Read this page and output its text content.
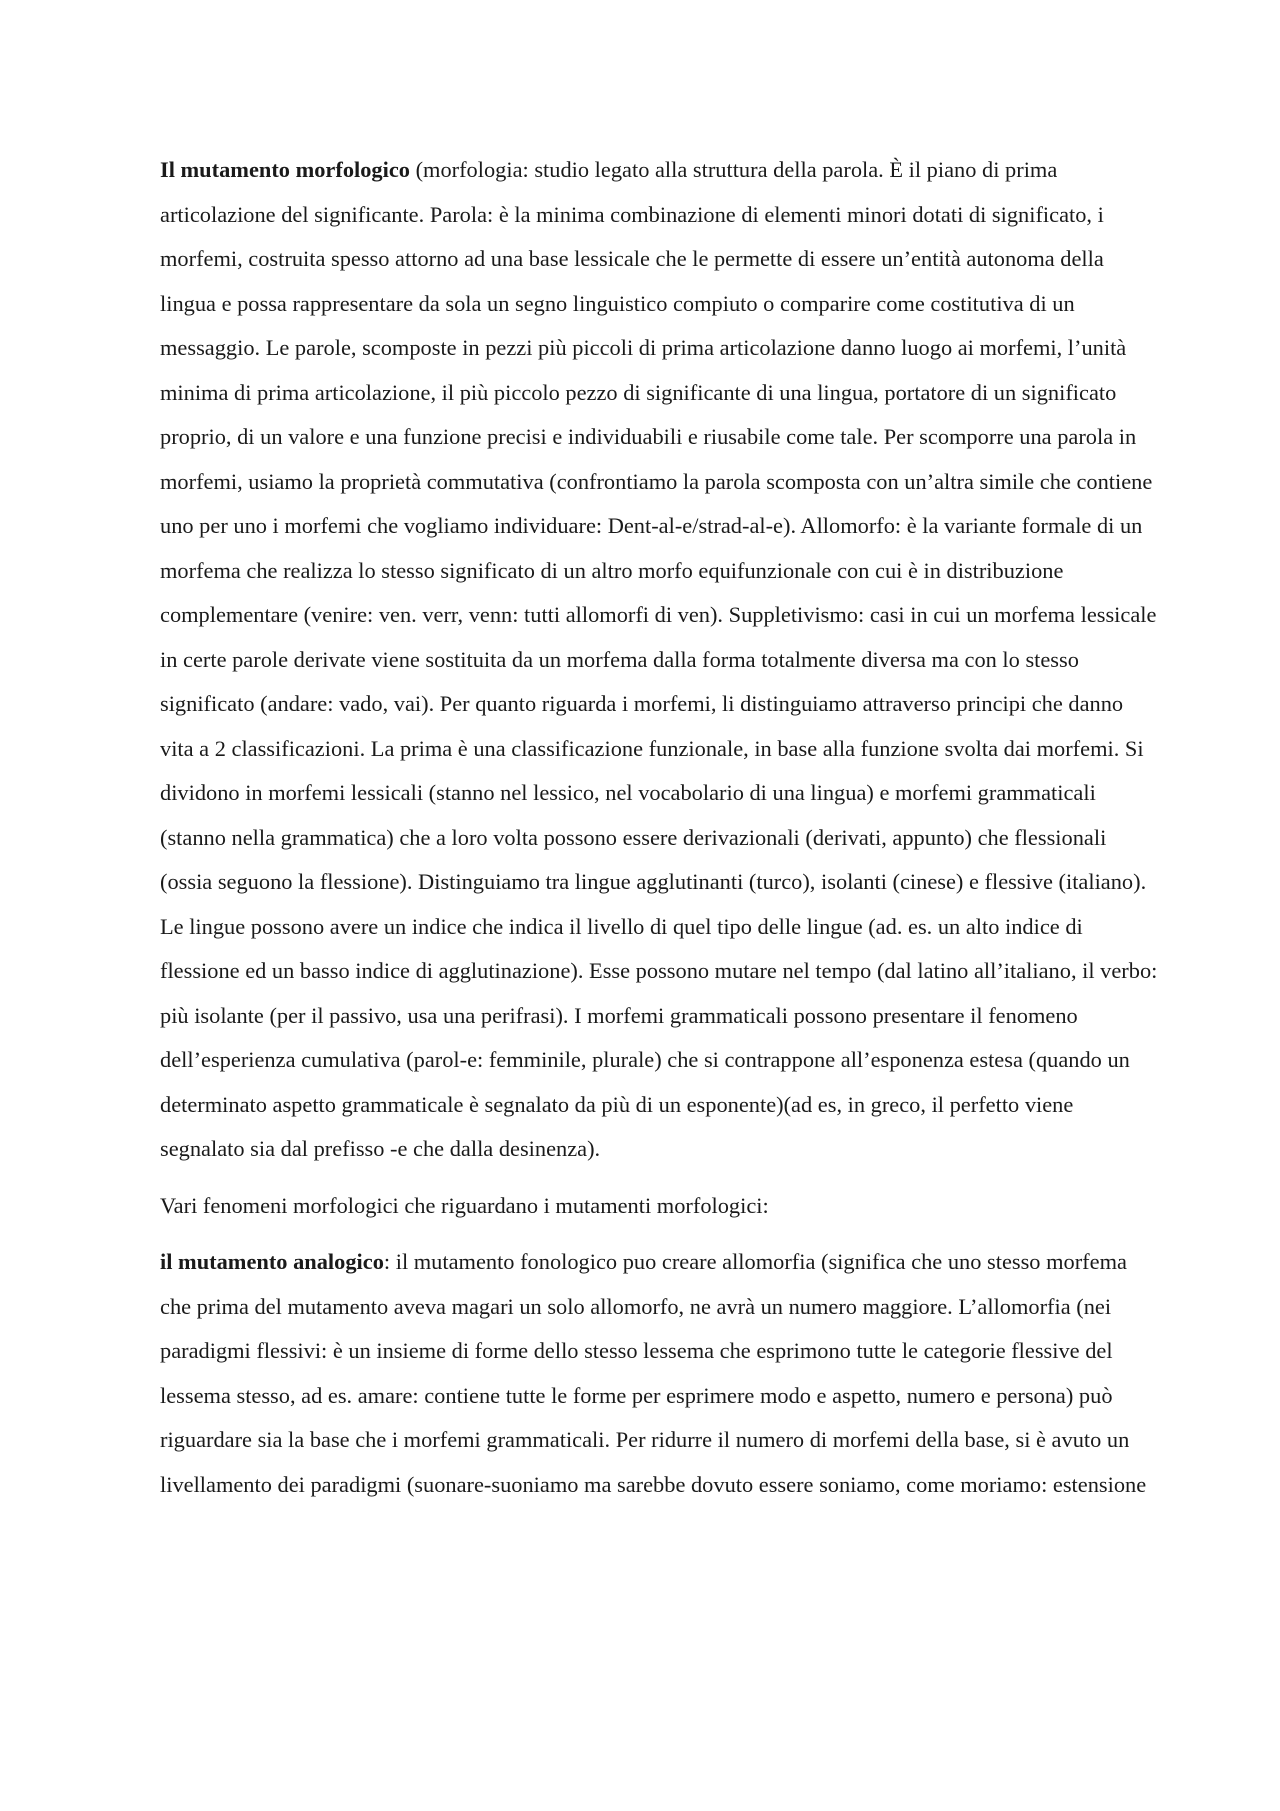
Il mutamento morfologico (morfologia: studio legato alla struttura della parola. È il piano di prima articolazione del significante. Parola: è la minima combinazione di elementi minori dotati di significato, i morfemi, costruita spesso attorno ad una base lessicale che le permette di essere un’entità autonoma della lingua e possa rappresentare da sola un segno linguistico compiuto o comparire come costitutiva di un messaggio. Le parole, scomposte in pezzi più piccoli di prima articolazione danno luogo ai morfemi, l’unità minima di prima articolazione, il più piccolo pezzo di significante di una lingua, portatore di un significato proprio, di un valore e una funzione precisi e individuabili e riusabile come tale. Per scomporre una parola in morfemi, usiamo la proprietà commutativa (confrontiamo la parola scomposta con un’altra simile che contiene uno per uno i morfemi che vogliamo individuare: Dent-al-e/strad-al-e). Allomorfo: è la variante formale di un morfema che realizza lo stesso significato di un altro morfo equifunzionale con cui è in distribuzione complementare (venire: ven. verr, venn: tutti allomorfi di ven). Suppletivismo: casi in cui un morfema lessicale in certe parole derivate viene sostituita da un morfema dalla forma totalmente diversa ma con lo stesso significato (andare: vado, vai). Per quanto riguarda i morfemi, li distinguiamo attraverso principi che danno vita a 2 classificazioni. La prima è una classificazione funzionale, in base alla funzione svolta dai morfemi. Si dividono in morfemi lessicali (stanno nel lessico, nel vocabolario di una lingua) e morfemi grammaticali (stanno nella grammatica) che a loro volta possono essere derivazionali (derivati, appunto) che flessionali (ossia seguono la flessione). Distinguiamo tra lingue agglutinanti (turco), isolanti (cinese) e flessive (italiano). Le lingue possono avere un indice che indica il livello di quel tipo delle lingue (ad. es. un alto indice di flessione ed un basso indice di agglutinazione). Esse possono mutare nel tempo (dal latino all’italiano, il verbo: più isolante (per il passivo, usa una perifrasi). I morfemi grammaticali possono presentare il fenomeno dell’esperienza cumulativa (parol-e: femminile, plurale) che si contrappone all’esponenza estesa (quando un determinato aspetto grammaticale è segnalato da più di un esponente)(ad es, in greco, il perfetto viene segnalato sia dal prefisso -e che dalla desinenza).

Vari fenomeni morfologici che riguardano i mutamenti morfologici:

il mutamento analogico: il mutamento fonologico puo creare allomorfia (significa che uno stesso morfema che prima del mutamento aveva magari un solo allomorfo, ne avrà un numero maggiore. L’allomorfia (nei paradigmi flessivi: è un insieme di forme dello stesso lessema che esprimono tutte le categorie flessive del lessema stesso, ad es. amare: contiene tutte le forme per esprimere modo e aspetto, numero e persona) può riguardare sia la base che i morfemi grammaticali. Per ridurre il numero di morfemi della base, si è avuto un livellamento dei paradigmi (suonare-suoniamo ma sarebbe dovuto essere soniamo, come moriamo: estensione
